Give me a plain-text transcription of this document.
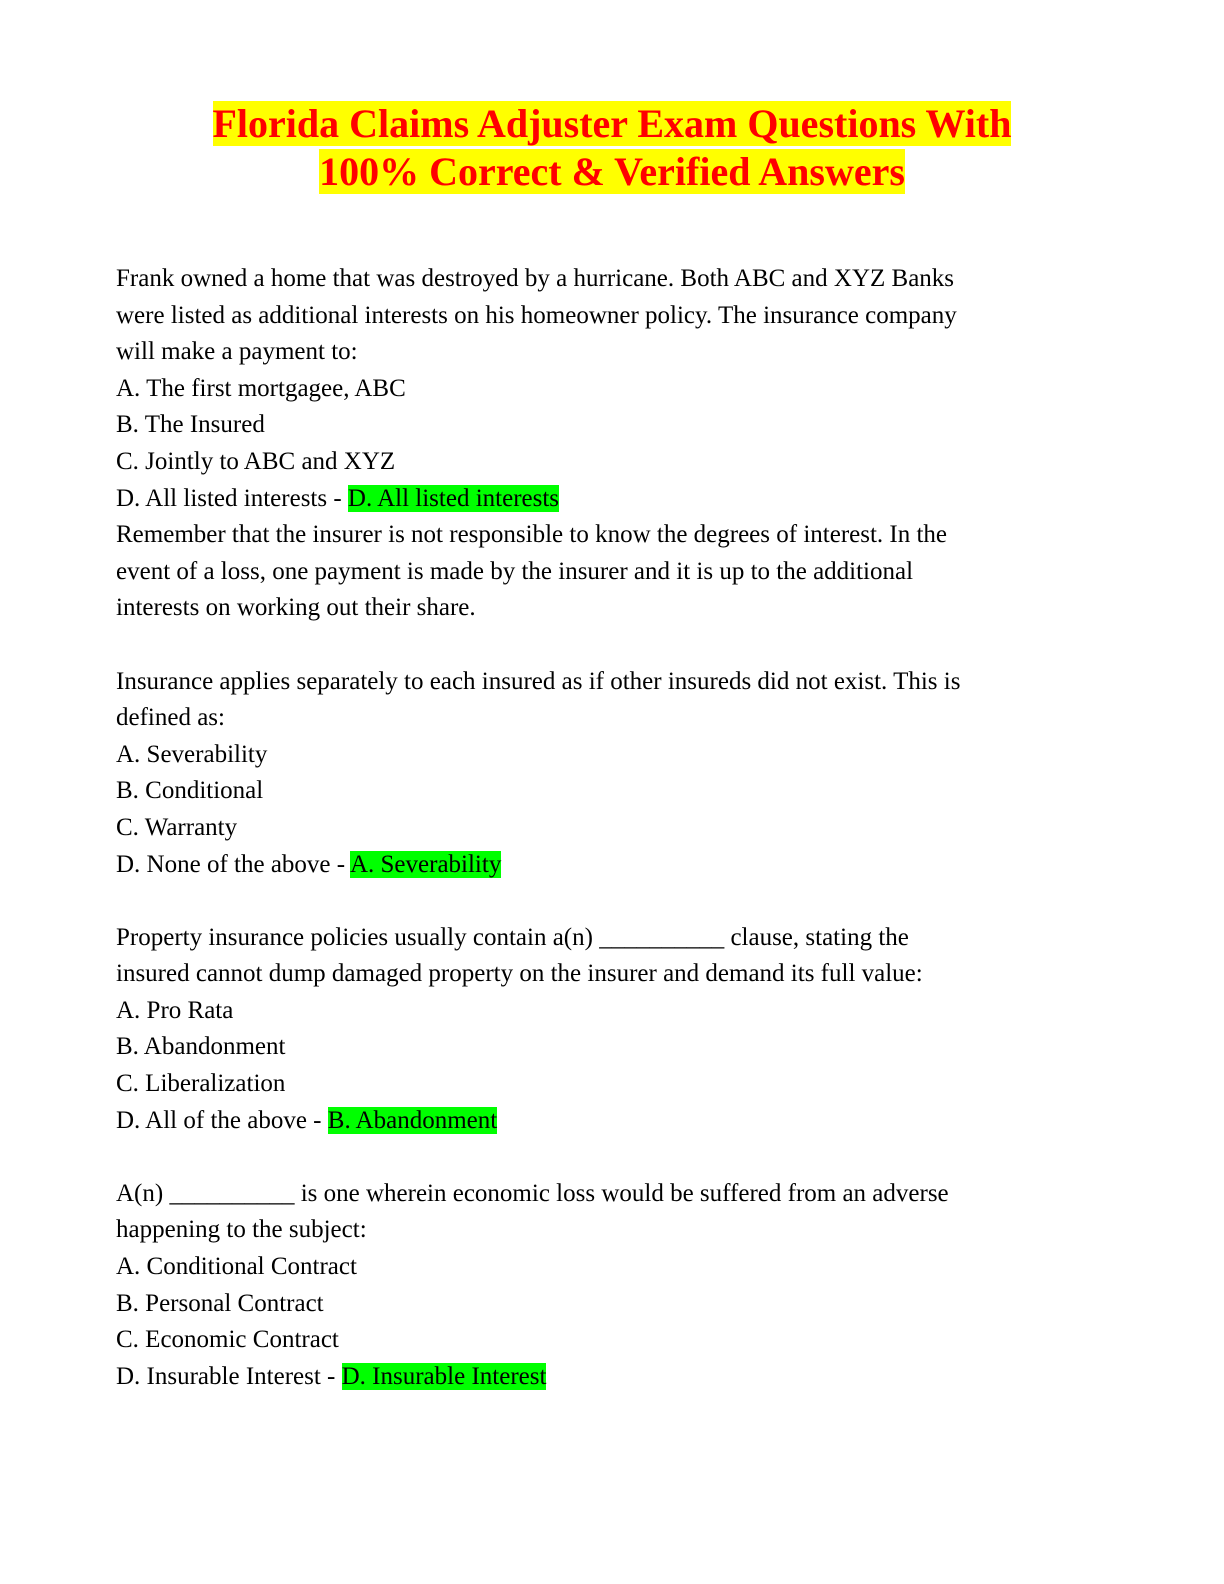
Florida Claims Adjuster Exam Questions With
100% Correct & Verified Answers
Frank owned a home that was destroyed by a hurricane. Both ABC and XYZ Banks
were listed as additional interests on his homeowner policy. The insurance company
will make a payment to:
A. The first mortgagee, ABC
B. The Insured
C. Jointly to ABC and XYZ
D. All listed interests - D. All listed interests
Remember that the insurer is not responsible to know the degrees of interest. In the
event of a loss, one payment is made by the insurer and it is up to the additional
interests on working out their share.
Insurance applies separately to each insured as if other insureds did not exist. This is
defined as:
A. Severability
B. Conditional
C. Warranty
D. None of the above - A. Severability
Property insurance policies usually contain a(n) __________ clause, stating the
insured cannot dump damaged property on the insurer and demand its full value:
A. Pro Rata
B. Abandonment
C. Liberalization
D. All of the above - B. Abandonment
A(n) __________ is one wherein economic loss would be suffered from an adverse
happening to the subject:
A. Conditional Contract
B. Personal Contract
C. Economic Contract
D. Insurable Interest - D. Insurable Interest
